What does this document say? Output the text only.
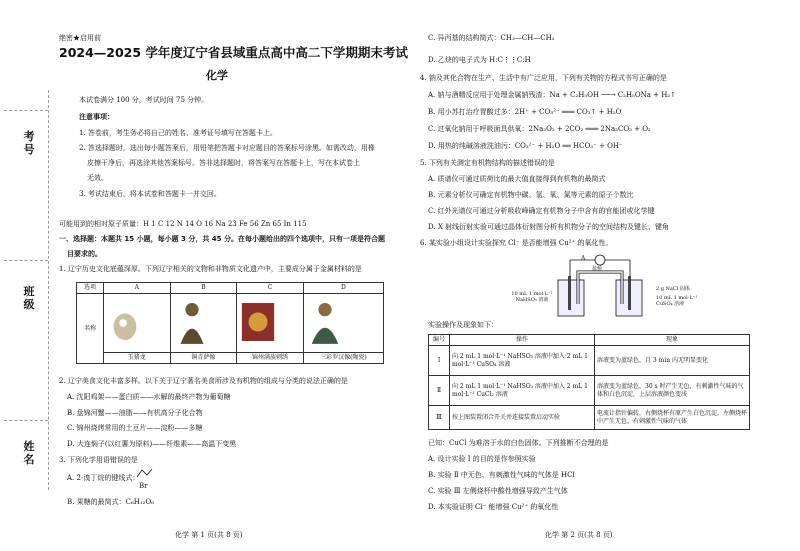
考号
班级
姓名
绝密★启用前
2024—2025 学年度辽宁省县域重点高中高二下学期期末考试
化学
本试卷满分 100 分，考试时间 75 分钟。
注意事项：
1. 答卷前，考生务必将自己的姓名、准考证号填写在答题卡上。
2. 答选择题时，选出每小题答案后，用铅笔把答题卡对应题目的答案标号涂黑。如需改动，用橡
皮擦干净后，再选涂其他答案标号。答非选择题时，将答案写在答题卡上，写在本试卷上
无效。
3. 考试结束后，将本试卷和答题卡一并交回。
可能用到的相对原子质量：H 1 C 12 N 14 O 16 Na 23 Fe 56 Zn 65 In 115
一、选择题：本题共 15 小题，每小题 3 分，共 45 分。在每小题给出的四个选项中，只有一项是符合题
目要求的。
1. 辽宁历史文化底蕴深厚。下列辽宁相关的文物和非物质文化遗产中，主要成分属于金属材料的是
选项	A	B	C	D
名称				
	玉猪龙	铜青萨像	锦州满族刺绣	三彩罗汉像(陶瓷)
2. 辽宁美食文化丰富多样。以下关于辽宁著名美食所涉及有机物的组成与分类的说法正确的是
A. 沈阳鸡架——蛋白质——水解的最终产物为葡萄糖
B. 盘锦河蟹——油脂——有机高分子化合物
C. 锦州烧烤常用的土豆片——淀粉——多糖
D. 大连焖子(以红薯为原料)——纤维素——高温下变黑
3. 下列化学用语错误的是
A. 2-溴丁烷的键线式：
Br
B. 果糖的最简式：C₆H₁₂O₆
化学 第 1 页(共 8 页)
C. 异丙基的结构简式：CH₃—CH—CH₃
D. 乙炔的电子式为 H:C⋮⋮C:H
4. 钠及其化合物在生产、生活中有广泛应用，下列有关物的方程式书写正确的是
A. 钠与酒精反应用于处理金属钠残渣：Na + C₂H₅OH ──→ C₂H₅ONa + H₂↑
B. 用小苏打治疗胃酸过多：2H⁺ + CO₃²⁻ ═══ CO₂↑ + H₂O
C. 过氧化钠用于呼吸面具供氧：2Na₂O₂ + 2CO₂ ═══ 2Na₂CO₃ + O₂
D. 用热的纯碱溶液洗油污：CO₃²⁻ + H₂O ══ HCO₃⁻ + OH⁻
5. 下列有关测定有机物结构的描述错误的是
A. 质谱仪可通过质荷比的最大值直接得到有机物的最简式
B. 元素分析仪可确定有机物中碳、氢、氧、氮等元素的原子个数比
C. 红外光谱仪可通过分析吸收峰确定有机物分子中含有的官能团或化学键
D. X 射线衍射实验可通过晶体衍射图分析有机物分子的空间结构及键长、键角
6. 某实验小组设计实验探究 Cl⁻ 是否能增强 Cu²⁺ 的氧化性。
A
盐桥
10 mL 1 mol·L⁻¹ NaHSO₃ 溶液
2 g NaCl 固体
10 mL 1 mol·L⁻¹ CuSO₄ 溶液
实验操作及现象如下：
编号	操作	现象
Ⅰ	向 2 mL 1 mol·L⁻¹ NaHSO₃ 溶液中加入 2 mL 1 mol·L⁻¹ CuSO₄ 溶液	溶液变为蓝绿色，且 3 min 内无明显变化
Ⅱ	向 2 mL 1 mol·L⁻¹ NaHSO₃ 溶液中加入 2 mL 1 mol·L⁻¹ CuCl₂ 溶液	溶液变为蓝绿色，30 s 时产生无色，有刺激性气味的气体和白色沉淀，上层溶液颜色变浅
Ⅲ	按上图装置闭合开关并连接装置启动实验	电流计指针偏转，右侧烧杯有原产生白色沉淀，左侧烧杯中产生无色，有刺激性气味的气体
已知：CuCl 为难溶于水的白色固体。下列推断不合理的是
A. 设计实验 Ⅰ 的目的是作参照实验
B. 实验 Ⅱ 中无色、有刺激性气味的气体是 HCl
C. 实验 Ⅲ 左侧烧杯中酸性增强导致产生气体
D. 本实验证明 Cl⁻ 能增强 Cu²⁺ 的氧化性
化学 第 2 页(共 8 页)
